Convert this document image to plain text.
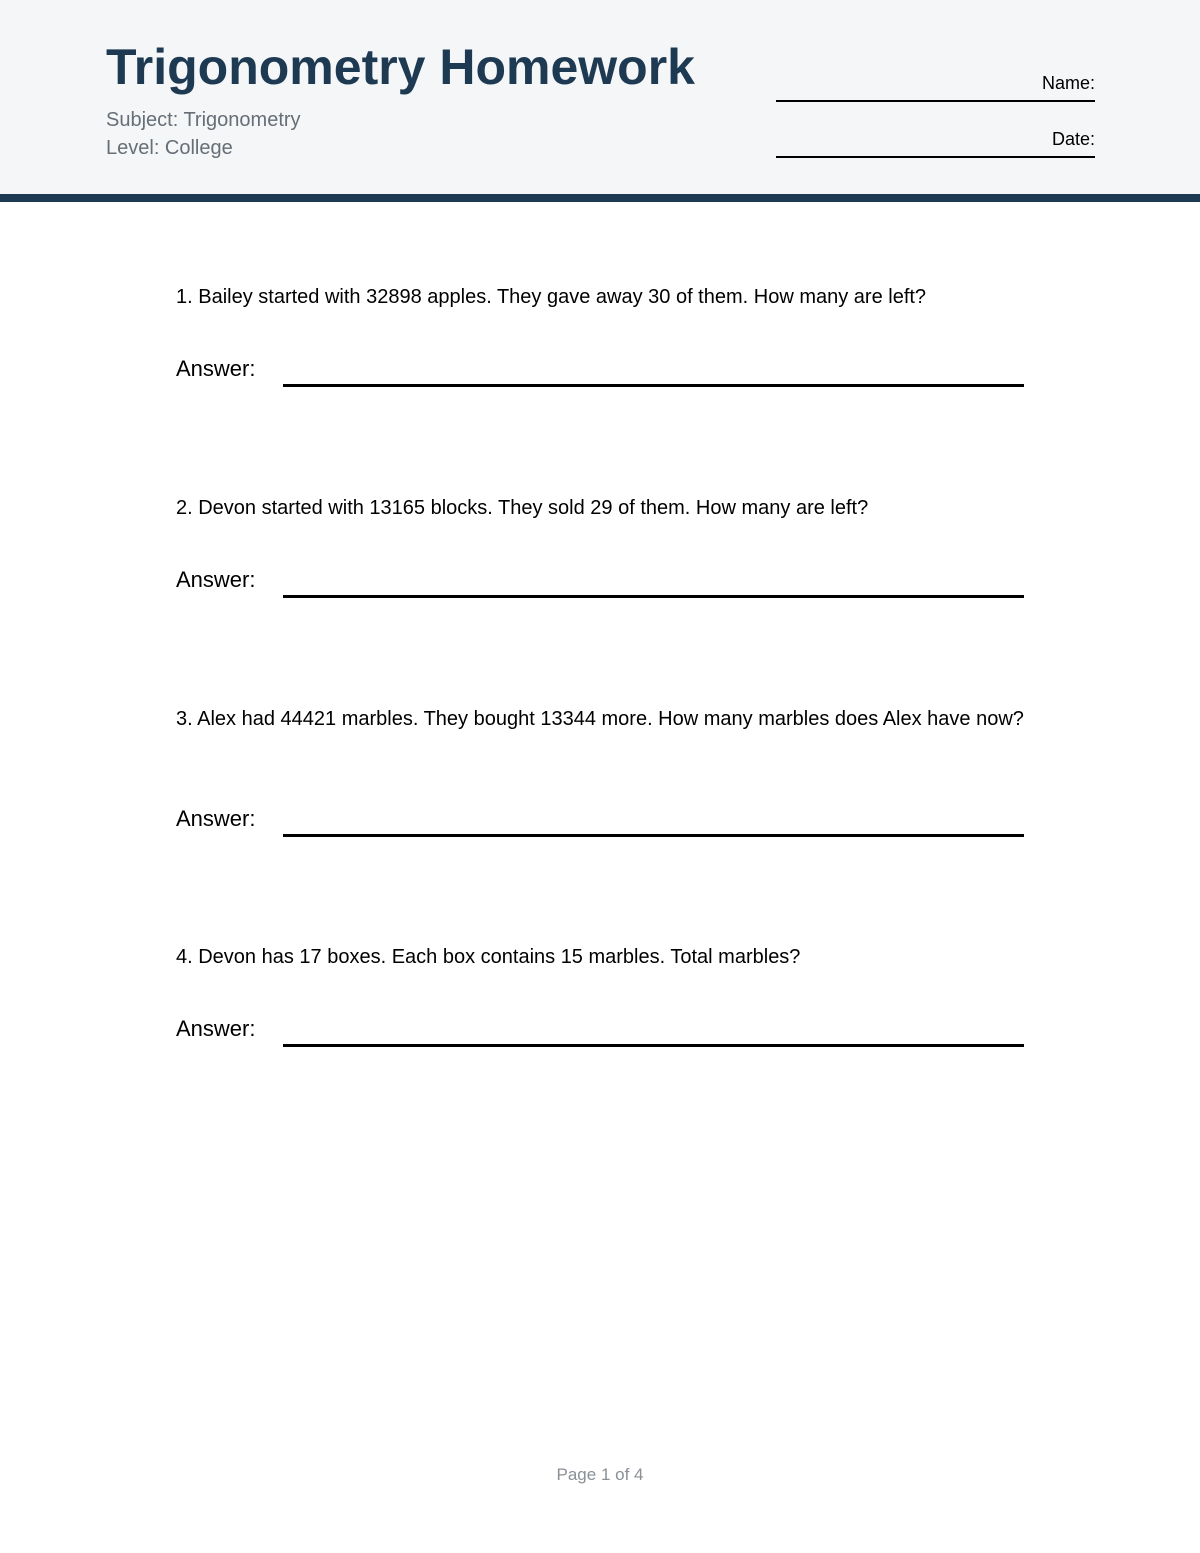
Trigonometry Homework
Subject: Trigonometry
Level: College
Name:
Date:
1. Bailey started with 32898 apples. They gave away 30 of them. How many are left?
Answer:
2. Devon started with 13165 blocks. They sold 29 of them. How many are left?
Answer:
3. Alex had 44421 marbles. They bought 13344 more. How many marbles does Alex have now?
Answer:
4. Devon has 17 boxes. Each box contains 15 marbles. Total marbles?
Answer:
Page 1 of 4
